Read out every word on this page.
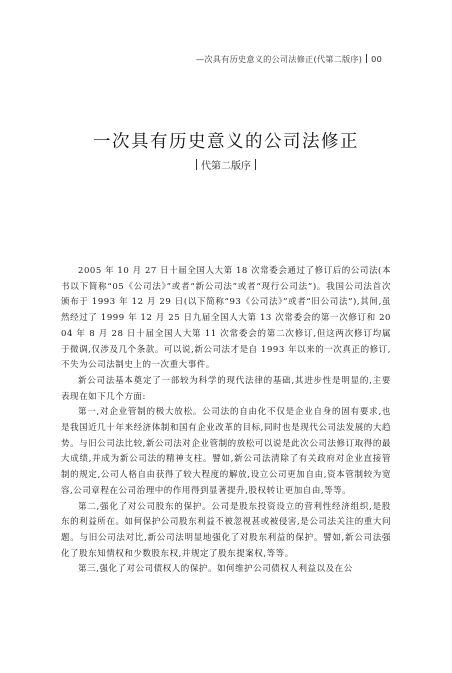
—次具有历史意义的公司法修正(代第二版序) 00
一次具有历史意义的公司法修正
代第二版序

2005 年 10 月 27 日十届全国人大第 18 次常委会通过了修订后的公司法(本书以下简称“05《公司法》”或者“新公司法”或者“现行公司法”)。我国公司法首次颁布于 1993 年 12 月 29 日(以下简称“93《公司法》”或者“旧公司法”),其间,虽然经过了 1999 年 12 月 25 日九届全国人大第 13 次常委会的第一次修订和 2004 年 8 月 28 日十届全国人大第 11 次常委会的第二次修订,但这两次修订均属于微调,仅涉及几个条款。可以说,新公司法才是自 1993 年以来的一次真正的修订,不失为公司法制史上的一次重大事件。

新公司法基本奠定了一部较为科学的现代法律的基础,其进步性是明显的,主要表现在如下几个方面:

第一,对企业管制的极大放松。公司法的自由化不仅是企业自身的固有要求,也是我国近几十年来经济体制和国有企业改革的目标,同时也是现代公司法发展的大趋势。与旧公司法比较,新公司法对企业管制的放松可以说是此次公司法修订取得的最大成绩,并成为新公司法的精神支柱。譬如,新公司法清除了有关政府对企业直接管制的规定,公司人格自由获得了较大程度的解放,设立公司更加自由,资本管制较为宽容,公司章程在公司治理中的作用得到显著提升,股权转让更加自由,等等。

第二,强化了对公司股东的保护。公司是股东投资设立的营利性经济组织,是股东的利益所在。如何保护公司股东利益不被忽视甚或被侵害,是公司法关注的重大问题。与旧公司法对比,新公司法明显地强化了对股东利益的保护。譬如,新公司法强化了股东知情权和少数股东权,并规定了股东提案权,等等。

第三,强化了对公司债权人的保护。如何维护公司债权人利益以及在公
